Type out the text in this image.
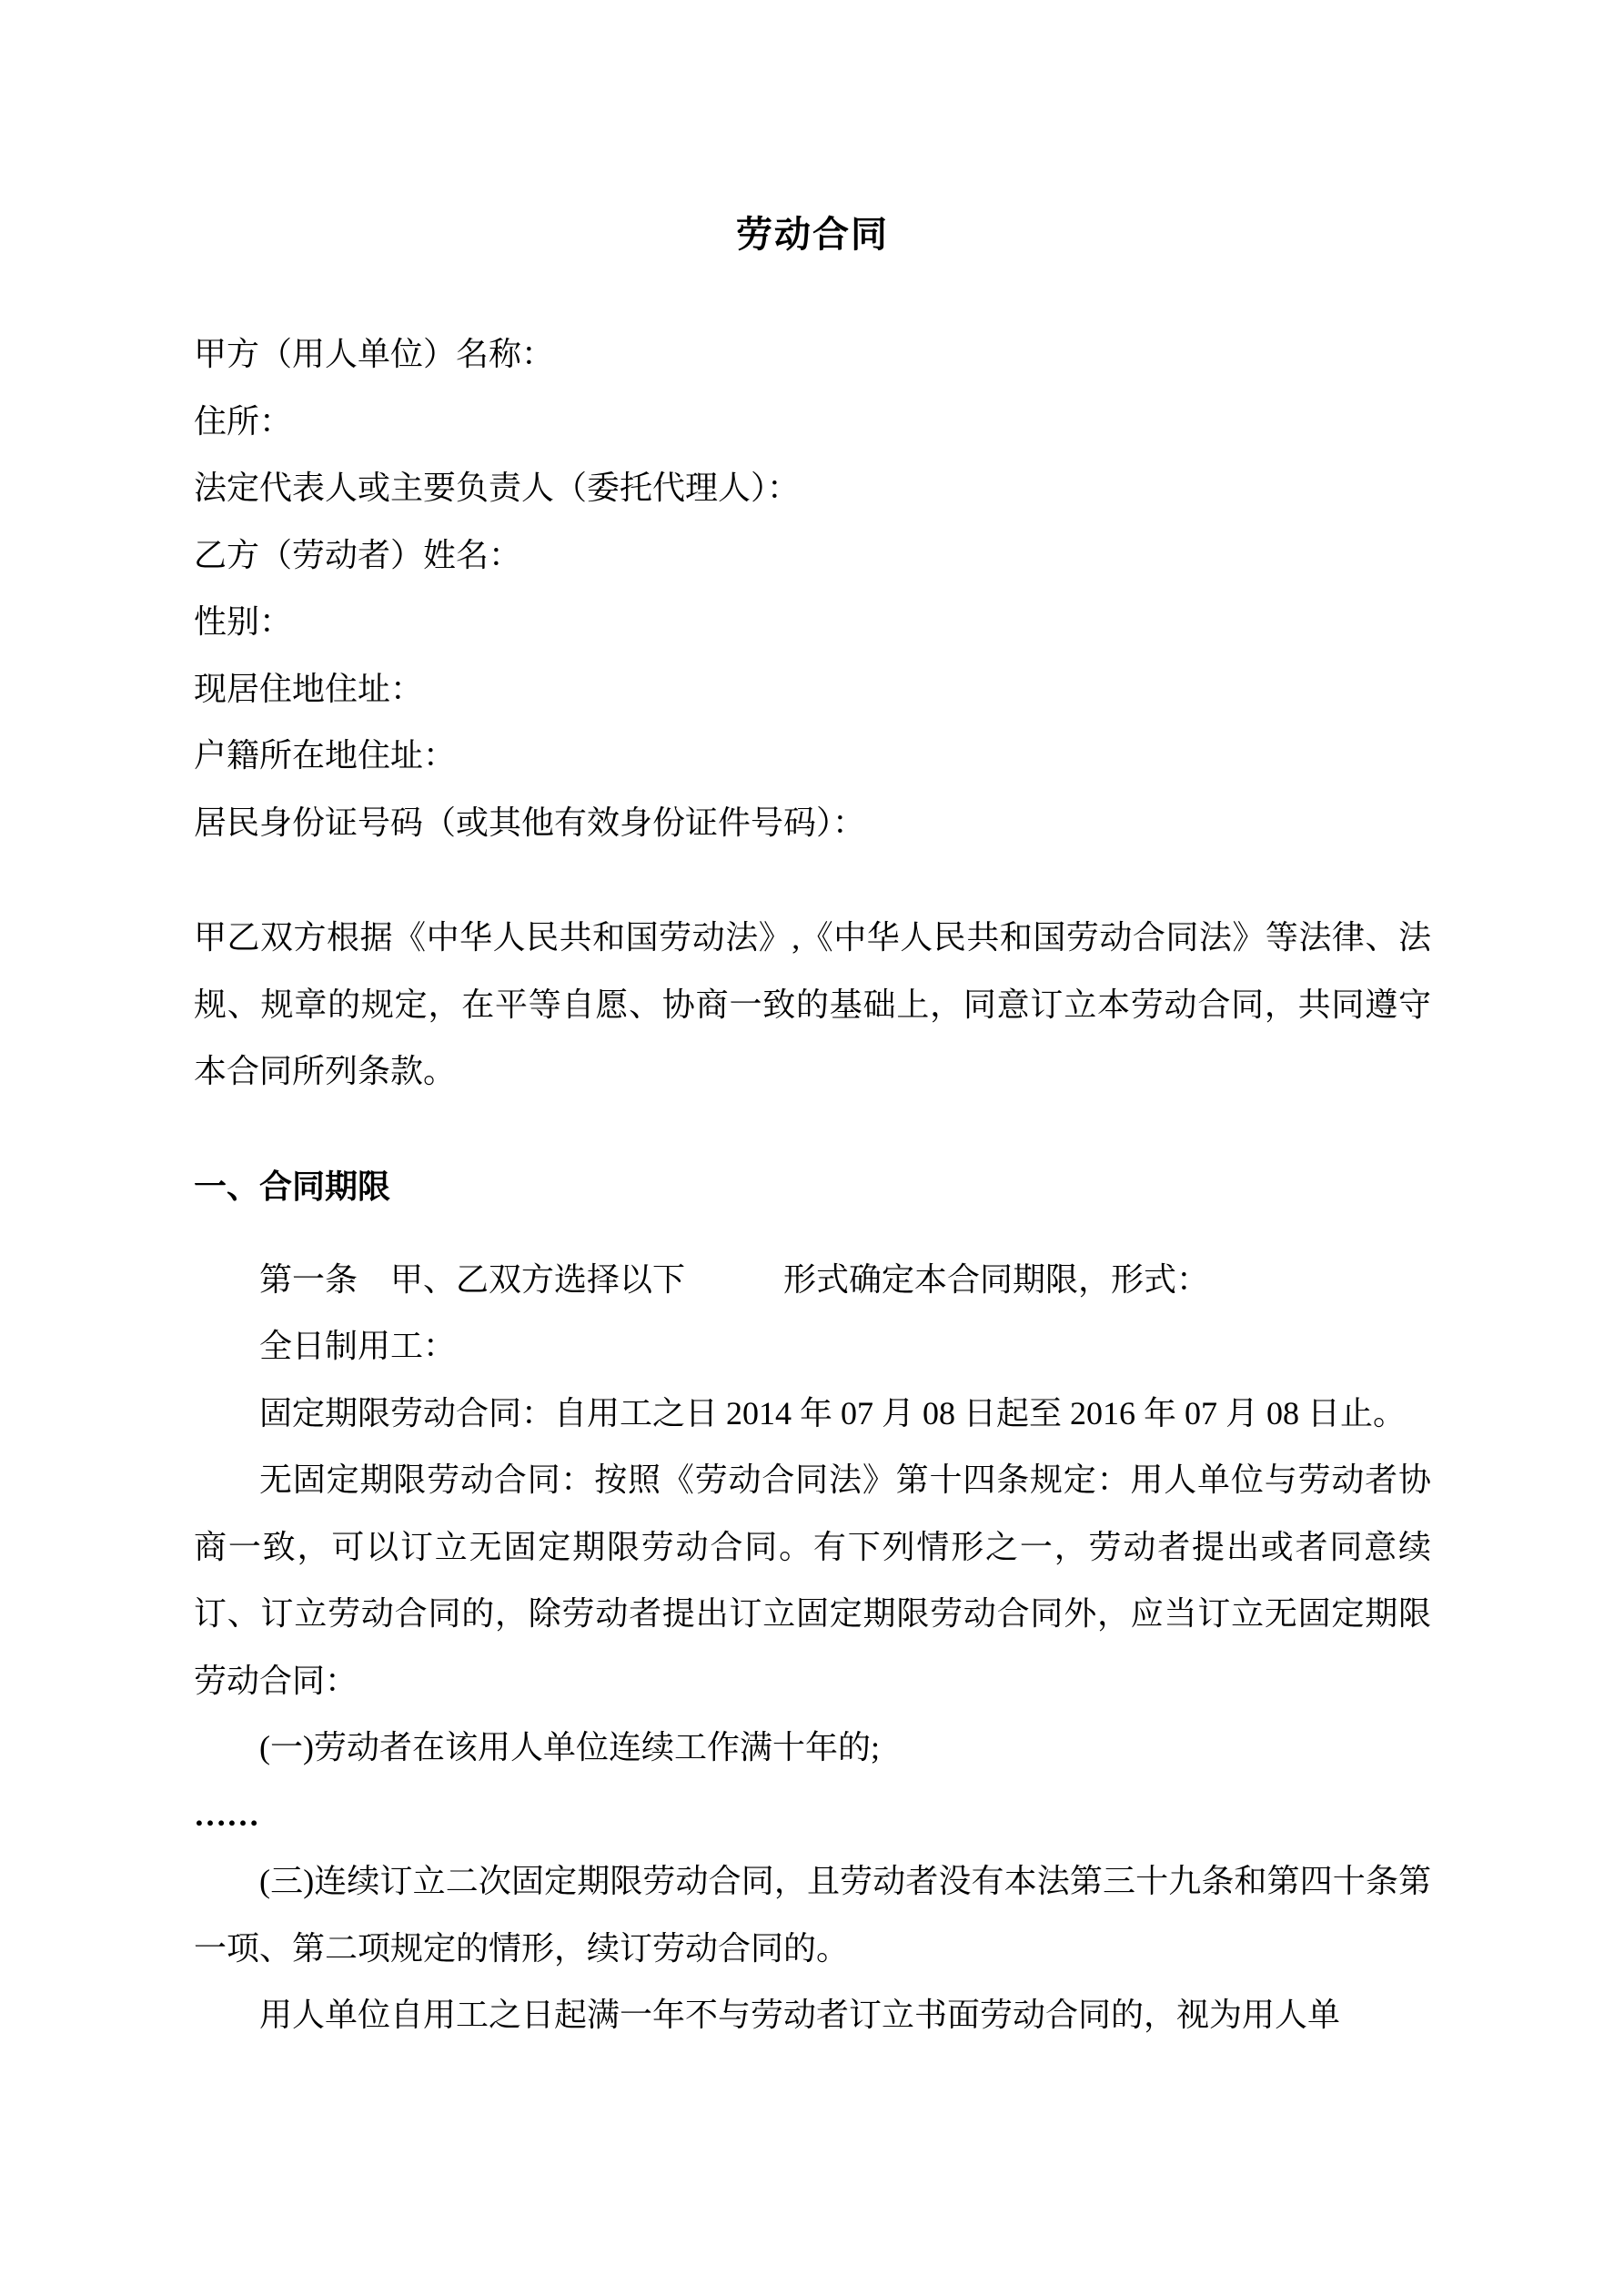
劳动合同

甲方（用人单位）名称：

住所：

法定代表人或主要负责人（委托代理人）：

乙方（劳动者）姓名：

性别：

现居住地住址：

户籍所在地住址：

居民身份证号码（或其他有效身份证件号码）：

甲乙双方根据《中华人民共和国劳动法》,《中华人民共和国劳动合同法》等法律、法规、规章的规定，在平等自愿、协商一致的基础上，同意订立本劳动合同，共同遵守本合同所列条款。

一、合同期限

第一条　甲、乙双方选择以下　　　形式确定本合同期限，形式：

全日制用工：

固定期限劳动合同：自用工之日 2014 年 07 月 08 日起至 2016 年 07 月 08 日止。

无固定期限劳动合同：按照《劳动合同法》第十四条规定：用人单位与劳动者协商一致，可以订立无固定期限劳动合同。有下列情形之一，劳动者提出或者同意续订、订立劳动合同的，除劳动者提出订立固定期限劳动合同外，应当订立无固定期限劳动合同：

(一)劳动者在该用人单位连续工作满十年的;

……

(三)连续订立二次固定期限劳动合同，且劳动者没有本法第三十九条和第四十条第一项、第二项规定的情形，续订劳动合同的。

用人单位自用工之日起满一年不与劳动者订立书面劳动合同的，视为用人单
